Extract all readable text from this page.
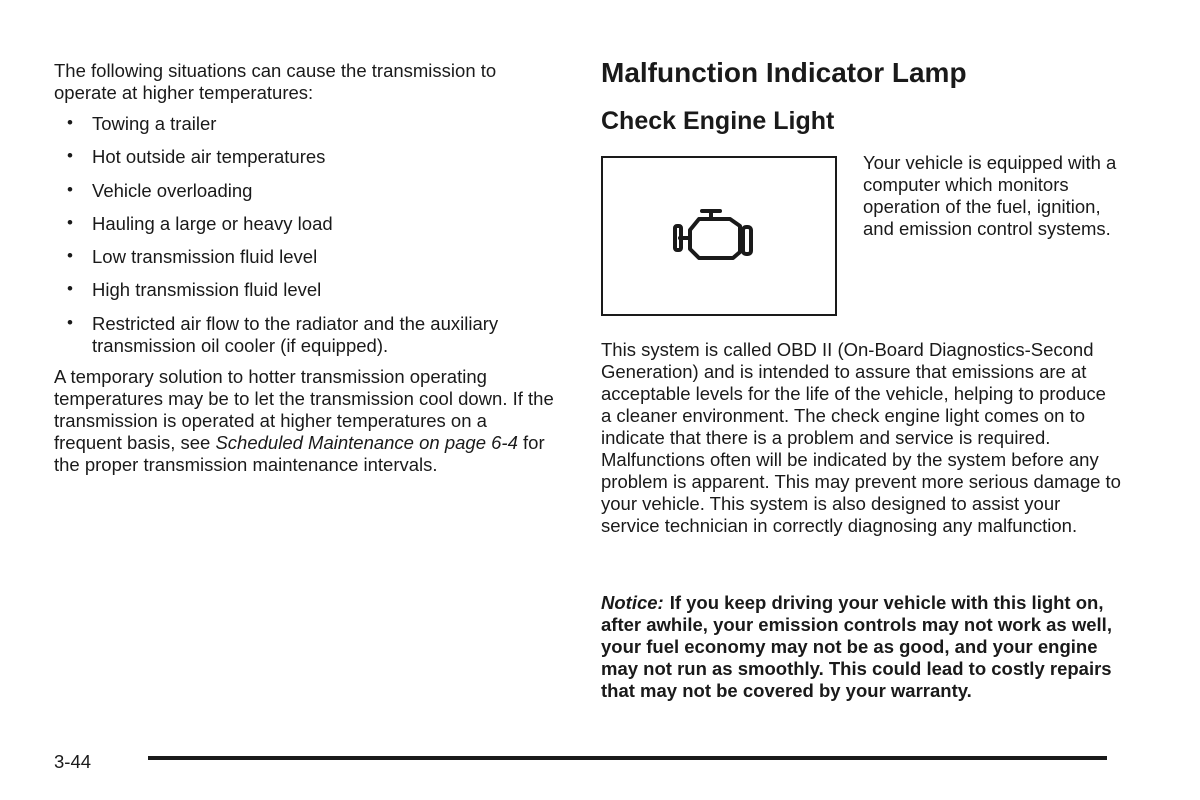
The following situations can cause the transmission to operate at higher temperatures:

• Towing a trailer
• Hot outside air temperatures
• Vehicle overloading
• Hauling a large or heavy load
• Low transmission fluid level
• High transmission fluid level
• Restricted air flow to the radiator and the auxiliary transmission oil cooler (if equipped).

A temporary solution to hotter transmission operating temperatures may be to let the transmission cool down. If the transmission is operated at higher temperatures on a frequent basis, see Scheduled Maintenance on page 6-4 for the proper transmission maintenance intervals.

Malfunction Indicator Lamp
Check Engine Light

Your vehicle is equipped with a computer which monitors operation of the fuel, ignition, and emission control systems.

This system is called OBD II (On-Board Diagnostics-Second Generation) and is intended to assure that emissions are at acceptable levels for the life of the vehicle, helping to produce a cleaner environment. The check engine light comes on to indicate that there is a problem and service is required. Malfunctions often will be indicated by the system before any problem is apparent. This may prevent more serious damage to your vehicle. This system is also designed to assist your service technician in correctly diagnosing any malfunction.

Notice: If you keep driving your vehicle with this light on, after awhile, your emission controls may not work as well, your fuel economy may not be as good, and your engine may not run as smoothly. This could lead to costly repairs that may not be covered by your warranty.

3-44
